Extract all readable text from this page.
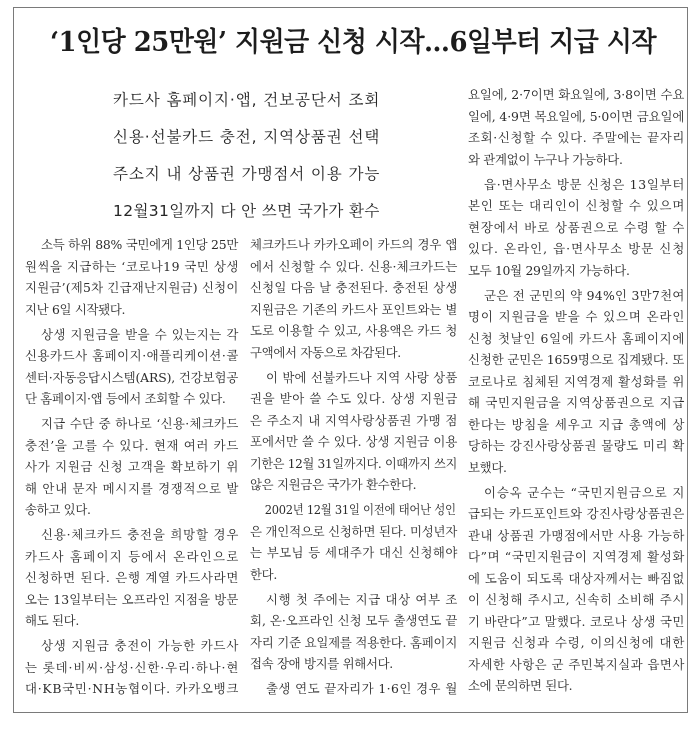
‘1인당 25만원’ 지원금 신청 시작…6일부터 지급 시작
카드사 홈페이지·앱, 건보공단서 조회
신용·선불카드 충전, 지역상품권 선택
주소지 내 상품권 가맹점서 이용 가능
12월31일까지 다 안 쓰면 국가가 환수
소득 하위 88% 국민에게 1인당 25만
원씩을 지급하는 ‘코로나19 국민 상생
지원금’(제5차 긴급재난지원금) 신청이
지난 6일 시작됐다.
상생 지원금을 받을 수 있는지는 각
신용카드사 홈페이지·애플리케이션·콜
센터·자동응답시스템(ARS), 건강보험공
단 홈페이지·앱 등에서 조회할 수 있다.
지급 수단 중 하나로 ‘신용·체크카드
충전’을 고를 수 있다. 현재 여러 카드
사가 지원금 신청 고객을 확보하기 위
해 안내 문자 메시지를 경쟁적으로 발
송하고 있다.
신용·체크카드 충전을 희망할 경우
카드사 홈페이지 등에서 온라인으로
신청하면 된다. 은행 계열 카드사라면
오는 13일부터는 오프라인 지점을 방문
해도 된다.
상생 지원금 충전이 가능한 카드사
는 롯데·비씨·삼성·신한·우리·하나·현
대·KB국민·NH농협이다. 카카오뱅크
체크카드나 카카오페이 카드의 경우 앱
에서 신청할 수 있다. 신용·체크카드는
신청일 다음 날 충전된다. 충전된 상생
지원금은 기존의 카드사 포인트와는 별
도로 이용할 수 있고, 사용액은 카드 청
구액에서 자동으로 차감된다.
이 밖에 선불카드나 지역 사랑 상품
권을 받아 쓸 수도 있다. 상생 지원금
은 주소지 내 지역사랑상품권 가맹 점
포에서만 쓸 수 있다. 상생 지원금 이용
기한은 12월 31일까지다. 이때까지 쓰지
않은 지원금은 국가가 환수한다.
2002년 12월 31일 이전에 태어난 성인
은 개인적으로 신청하면 된다. 미성년자
는 부모님 등 세대주가 대신 신청해야
한다.
시행 첫 주에는 지급 대상 여부 조
회, 온·오프라인 신청 모두 출생연도 끝
자리 기준 요일제를 적용한다. 홈페이지
접속 장애 방지를 위해서다.
출생 연도 끝자리가 1·6인 경우 월
요일에, 2·7이면 화요일에, 3·8이면 수요
일에, 4·9면 목요일에, 5·0이면 금요일에
조회·신청할 수 있다. 주말에는 끝자리
와 관계없이 누구나 가능하다.
읍·면사무소 방문 신청은 13일부터
본인 또는 대리인이 신청할 수 있으며
현장에서 바로 상품권으로 수령 할 수
있다. 온라인, 읍·면사무소 방문 신청
모두 10월 29일까지 가능하다.
군은 전 군민의 약 94%인 3만7천여
명이 지원금을 받을 수 있으며 온라인
신청 첫날인 6일에 카드사 홈페이지에
신청한 군민은 1659명으로 집계됐다. 또
코로나로 침체된 지역경제 활성화를 위
해 국민지원금을 지역상품권으로 지급
한다는 방침을 세우고 지급 총액에 상
당하는 강진사랑상품권 물량도 미리 확
보했다.
이승옥 군수는 “국민지원금으로 지
급되는 카드포인트와 강진사랑상품권은
관내 상품권 가맹점에서만 사용 가능하
다”며 “국민지원금이 지역경제 활성화
에 도움이 되도록 대상자께서는 빠짐없
이 신청해 주시고, 신속히 소비해 주시
기 바란다”고 말했다. 코로나 상생 국민
지원금 신청과 수령, 이의신청에 대한
자세한 사항은 군 주민복지실과 읍면사
소에 문의하면 된다.
